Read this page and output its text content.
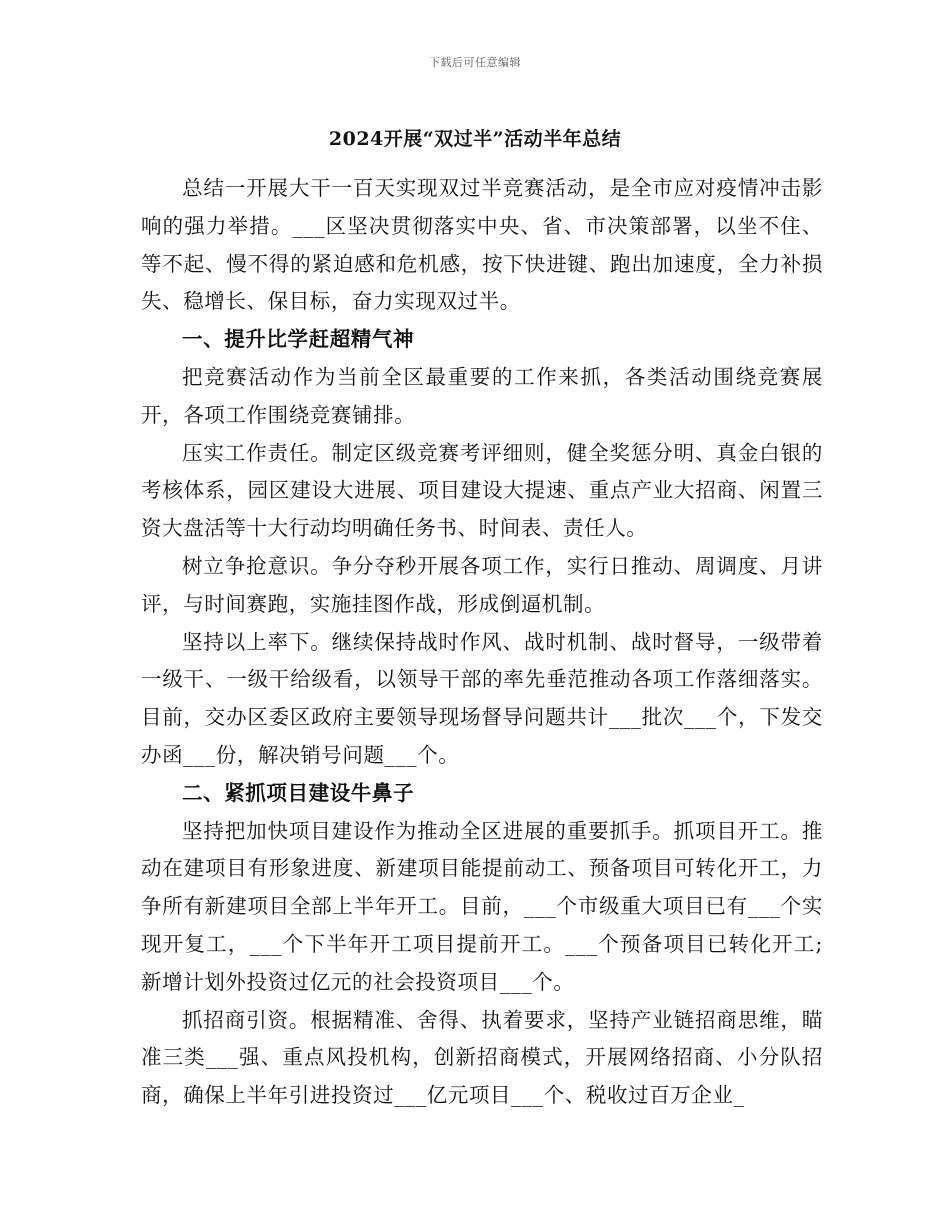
下载后可任意编辑
2024开展“双过半”活动半年总结

总结一开展大干一百天实现双过半竞赛活动，是全市应对疫情冲击影响的强力举措。___区坚决贯彻落实中央、省、市决策部署，以坐不住、等不起、慢不得的紧迫感和危机感，按下快进键、跑出加速度，全力补损失、稳增长、保目标，奋力实现双过半。

一、提升比学赶超精气神

把竞赛活动作为当前全区最重要的工作来抓，各类活动围绕竞赛展开，各项工作围绕竞赛铺排。

压实工作责任。制定区级竞赛考评细则，健全奖惩分明、真金白银的考核体系，园区建设大进展、项目建设大提速、重点产业大招商、闲置三资大盘活等十大行动均明确任务书、时间表、责任人。

树立争抢意识。争分夺秒开展各项工作，实行日推动、周调度、月讲评，与时间赛跑，实施挂图作战，形成倒逼机制。

坚持以上率下。继续保持战时作风、战时机制、战时督导，一级带着一级干、一级干给级看，以领导干部的率先垂范推动各项工作落细落实。目前，交办区委区政府主要领导现场督导问题共计___批次___个，下发交办函___份，解决销号问题___个。

二、紧抓项目建设牛鼻子

坚持把加快项目建设作为推动全区进展的重要抓手。抓项目开工。推动在建项目有形象进度、新建项目能提前动工、预备项目可转化开工，力争所有新建项目全部上半年开工。目前，___个市级重大项目已有___个实现开复工，___个下半年开工项目提前开工。___个预备项目已转化开工;新增计划外投资过亿元的社会投资项目___个。

抓招商引资。根据精准、舍得、执着要求，坚持产业链招商思维，瞄准三类___强、重点风投机构，创新招商模式，开展网络招商、小分队招商，确保上半年引进投资过___亿元项目___个、税收过百万企业_
